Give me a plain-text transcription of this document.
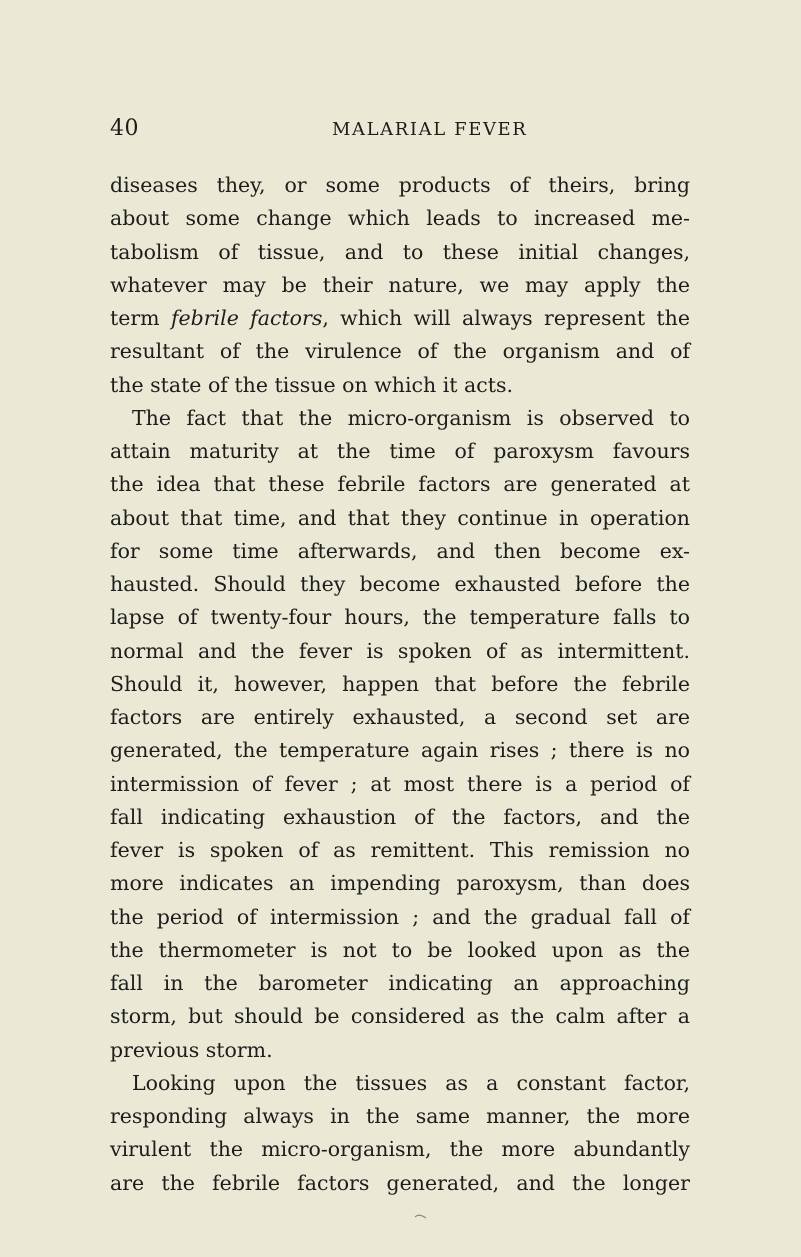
40	MALARIAL FEVER
diseases they, or some products of theirs, bring
about some change which leads to increased me-
tabolism of tissue, and to these initial changes,
whatever may be their nature, we may apply the
term febrile factors, which will always represent the
resultant of the virulence of the organism and of
the state of the tissue on which it acts.
The fact that the micro-organism is observed to
attain maturity at the time of paroxysm favours
the idea that these febrile factors are generated at
about that time, and that they continue in operation
for some time afterwards, and then become ex-
hausted. Should they become exhausted before the
lapse of twenty-four hours, the temperature falls to
normal and the fever is spoken of as intermittent.
Should it, however, happen that before the febrile
factors are entirely exhausted, a second set are
generated, the temperature again rises ; there is no
intermission of fever ; at most there is a period of
fall indicating exhaustion of the factors, and the
fever is spoken of as remittent. This remission no
more indicates an impending paroxysm, than does
the period of intermission ; and the gradual fall of
the thermometer is not to be looked upon as the
fall in the barometer indicating an approaching
storm, but should be considered as the calm after a
previous storm.
Looking upon the tissues as a constant factor,
responding always in the same manner, the more
virulent the micro-organism, the more abundantly
are the febrile factors generated, and the longer
